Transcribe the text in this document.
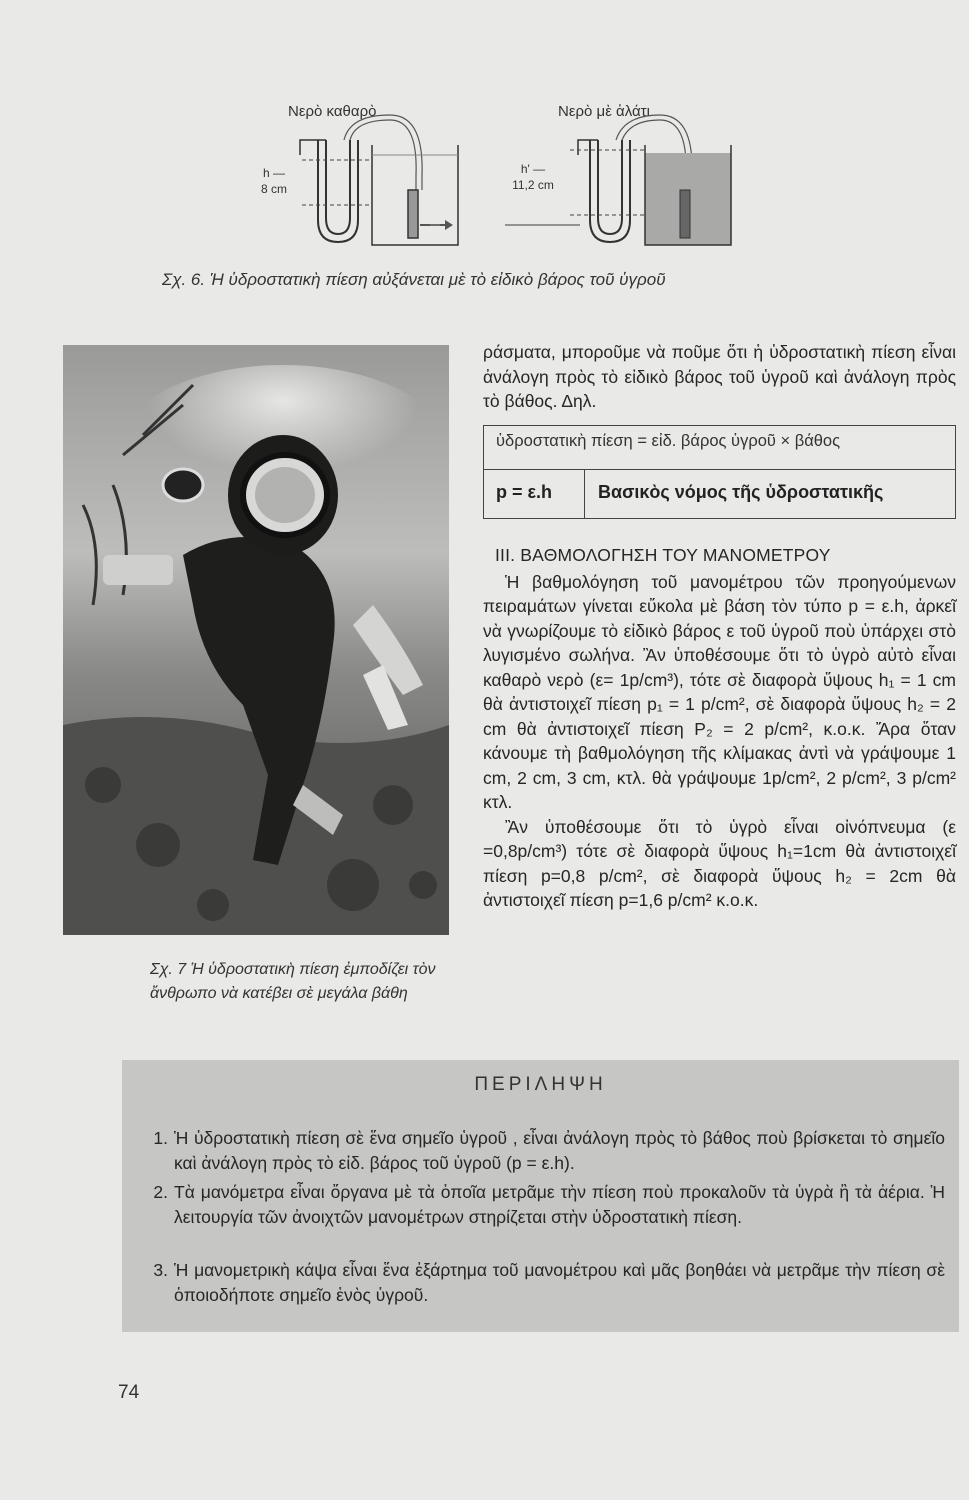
Νερὸ καθαρὸ	Νερὸ μὲ ἁλάτι
h —
8 cm
h' —
11,2 cm
Σχ. 6. Ἡ ὑδροστατικὴ πίεση αὐξάνεται μὲ τὸ εἰδικὸ βάρος τοῦ ὑγροῦ
Σχ. 7 Ἡ ὑδροστατικὴ πίεση ἐμποδίζει τὸν ἄνθρωπο νὰ κατέβει σὲ μεγάλα βάθη

ράσματα, μποροῦμε νὰ ποῦμε ὅτι ἡ ὑδροστατικὴ πίεση εἶναι ἀνάλογη πρὸς τὸ εἰδικὸ βάρος τοῦ ὑγροῦ καὶ ἀνάλογη πρὸς τὸ βάθος. Δηλ.

ὑδροστατικὴ πίεση = εἰδ. βάρος ὑγροῦ × βάθος
p = ε.h	Βασικὸς νόμος τῆς ὑδροστατικῆς

ΙΙΙ. ΒΑΘΜΟΛΟΓΗΣΗ ΤΟΥ ΜΑΝΟΜΕΤΡΟΥ

Ἡ βαθμολόγηση τοῦ μανομέτρου τῶν προηγούμενων πειραμάτων γίνεται εὔκολα μὲ βάση τὸν τύπο p = ε.h, ἀρκεῖ νὰ γνωρίζουμε τὸ εἰδικὸ βάρος ε τοῦ ὑγροῦ ποὺ ὑπάρχει στὸ λυγισμένο σωλήνα. Ἂν ὑποθέσουμε ὅτι τὸ ὑγρὸ αὐτὸ εἶναι καθαρὸ νερὸ (ε= 1p/cm³), τότε σὲ διαφορὰ ὕψους h₁ = 1 cm θὰ ἀντιστοιχεῖ πίεση p₁ = 1 p/cm², σὲ διαφορὰ ὕψους h₂ = 2 cm θὰ ἀντιστοιχεῖ πίεση P₂ = 2 p/cm², κ.ο.κ. Ἄρα ὅταν κάνουμε τὴ βαθμολόγηση τῆς κλίμακας ἀντὶ νὰ γράψουμε 1 cm, 2 cm, 3 cm, κτλ. θὰ γράψουμε 1p/cm², 2 p/cm², 3 p/cm² κτλ.

Ἂν ὑποθέσουμε ὅτι τὸ ὑγρὸ εἶναι οἰνόπνευμα (ε =0,8p/cm³) τότε σὲ διαφορὰ ὕψους h₁=1cm θὰ ἀντιστοιχεῖ πίεση p=0,8 p/cm², σὲ διαφορὰ ὕψους h₂ = 2cm θὰ ἀντιστοιχεῖ πίεση p=1,6 p/cm² κ.ο.κ.

ΠΕΡΙΛΗΨΗ
1. Ἡ ὑδροστατικὴ πίεση σὲ ἕνα σημεῖο ὑγροῦ , εἶναι ἀνάλογη πρὸς τὸ βάθος ποὺ βρίσκεται τὸ σημεῖο καὶ ἀνάλογη πρὸς τὸ εἰδ. βάρος τοῦ ὑγροῦ (p = ε.h).
2. Τὰ μανόμετρα εἶναι ὄργανα μὲ τὰ ὁποῖα μετρᾶμε τὴν πίεση ποὺ προκαλοῦν τὰ ὑγρὰ ἢ τὰ ἀέρια. Ἡ λειτουργία τῶν ἀνοιχτῶν μανομέτρων στηρίζεται στὴν ὑδροστατικὴ πίεση.
3. Ἡ μανομετρικὴ κάψα εἶναι ἕνα ἐξάρτημα τοῦ μανομέτρου καὶ μᾶς βοηθάει νὰ μετρᾶμε τὴν πίεση σὲ ὁποιοδήποτε σημεῖο ἑνὸς ὑγροῦ.
74
